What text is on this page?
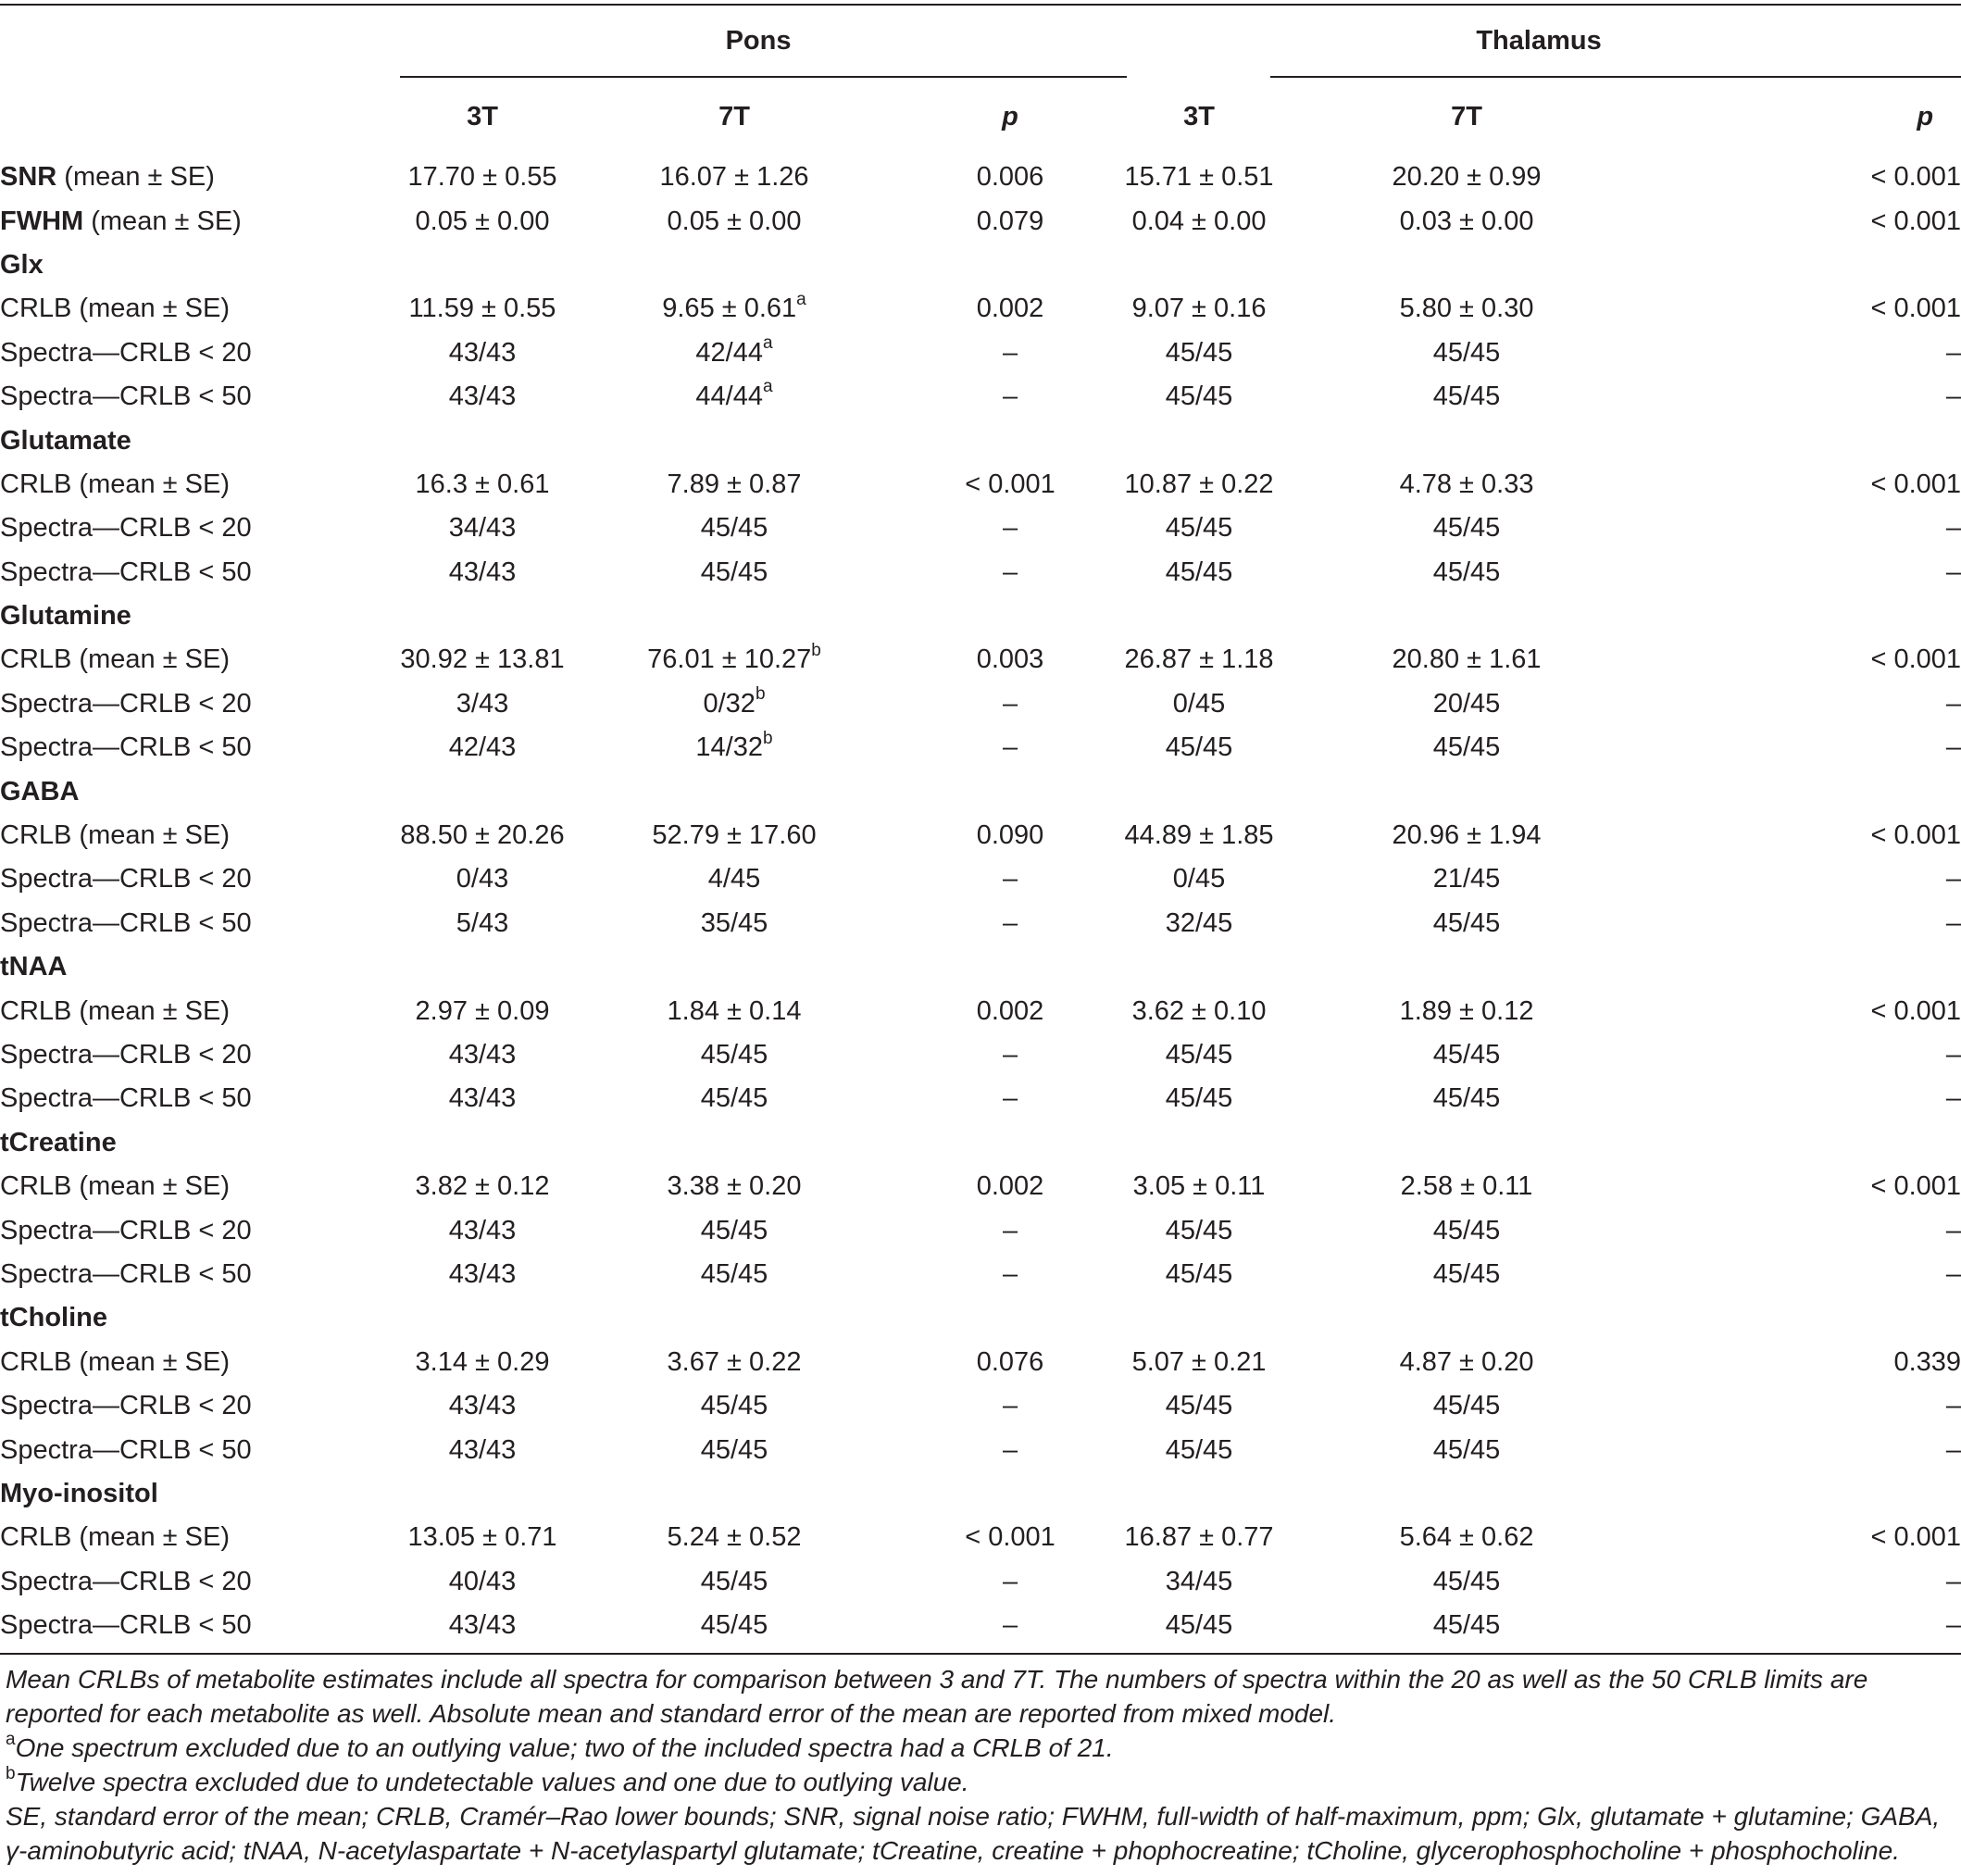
	Pons			Thalamus		
	3T	7T	p	3T	7T	p
SNR (mean ± SE)	17.70 ± 0.55	16.07 ± 1.26	0.006	15.71 ± 0.51	20.20 ± 0.99	< 0.001
FWHM (mean ± SE)	0.05 ± 0.00	0.05 ± 0.00	0.079	0.04 ± 0.00	0.03 ± 0.00	< 0.001
Glx						
CRLB (mean ± SE)	11.59 ± 0.55	9.65 ± 0.61$^a$	0.002	9.07 ± 0.16	5.80 ± 0.30	< 0.001
Spectra—CRLB < 20	43/43	42/44$^a$	–	45/45	45/45	–
Spectra—CRLB < 50	43/43	44/44$^a$	–	45/45	45/45	–
Glutamate						
CRLB (mean ± SE)	16.3 ± 0.61	7.89 ± 0.87	< 0.001	10.87 ± 0.22	4.78 ± 0.33	< 0.001
Spectra—CRLB < 20	34/43	45/45	–	45/45	45/45	–
Spectra—CRLB < 50	43/43	45/45	–	45/45	45/45	–
Glutamine						
CRLB (mean ± SE)	30.92 ± 13.81	76.01 ± 10.27$^b$	0.003	26.87 ± 1.18	20.80 ± 1.61	< 0.001
Spectra—CRLB < 20	3/43	0/32$^b$	–	0/45	20/45	–
Spectra—CRLB < 50	42/43	14/32$^b$	–	45/45	45/45	–
GABA						
CRLB (mean ± SE)	88.50 ± 20.26	52.79 ± 17.60	0.090	44.89 ± 1.85	20.96 ± 1.94	< 0.001
Spectra—CRLB < 20	0/43	4/45	–	0/45	21/45	–
Spectra—CRLB < 50	5/43	35/45	–	32/45	45/45	–
tNAA						
CRLB (mean ± SE)	2.97 ± 0.09	1.84 ± 0.14	0.002	3.62 ± 0.10	1.89 ± 0.12	< 0.001
Spectra—CRLB < 20	43/43	45/45	–	45/45	45/45	–
Spectra—CRLB < 50	43/43	45/45	–	45/45	45/45	–
tCreatine						
CRLB (mean ± SE)	3.82 ± 0.12	3.38 ± 0.20	0.002	3.05 ± 0.11	2.58 ± 0.11	< 0.001
Spectra—CRLB < 20	43/43	45/45	–	45/45	45/45	–
Spectra—CRLB < 50	43/43	45/45	–	45/45	45/45	–
tCholine						
CRLB (mean ± SE)	3.14 ± 0.29	3.67 ± 0.22	0.076	5.07 ± 0.21	4.87 ± 0.20	0.339
Spectra—CRLB < 20	43/43	45/45	–	45/45	45/45	–
Spectra—CRLB < 50	43/43	45/45	–	45/45	45/45	–
Myo-inositol						
CRLB (mean ± SE)	13.05 ± 0.71	5.24 ± 0.52	< 0.001	16.87 ± 0.77	5.64 ± 0.62	< 0.001
Spectra—CRLB < 20	40/43	45/45	–	34/45	45/45	–
Spectra—CRLB < 50	43/43	45/45	–	45/45	45/45	–

Mean CRLBs of metabolite estimates include all spectra for comparison between 3 and 7T. The numbers of spectra within the 20 as well as the 50 CRLB limits are reported for each metabolite as well. Absolute mean and standard error of the mean are reported from mixed model.

$^a$One spectrum excluded due to an outlying value; two of the included spectra had a CRLB of 21.

$^b$Twelve spectra excluded due to undetectable values and one due to outlying value.

SE, standard error of the mean; CRLB, Cramér–Rao lower bounds; SNR, signal noise ratio; FWHM, full-width of half-maximum, ppm; Glx, glutamate + glutamine; GABA, γ-aminobutyric acid; tNAA, N-acetylaspartate + N-acetylaspartyl glutamate; tCreatine, creatine + phophocreatine; tCholine, glycerophosphocholine + phosphocholine.
